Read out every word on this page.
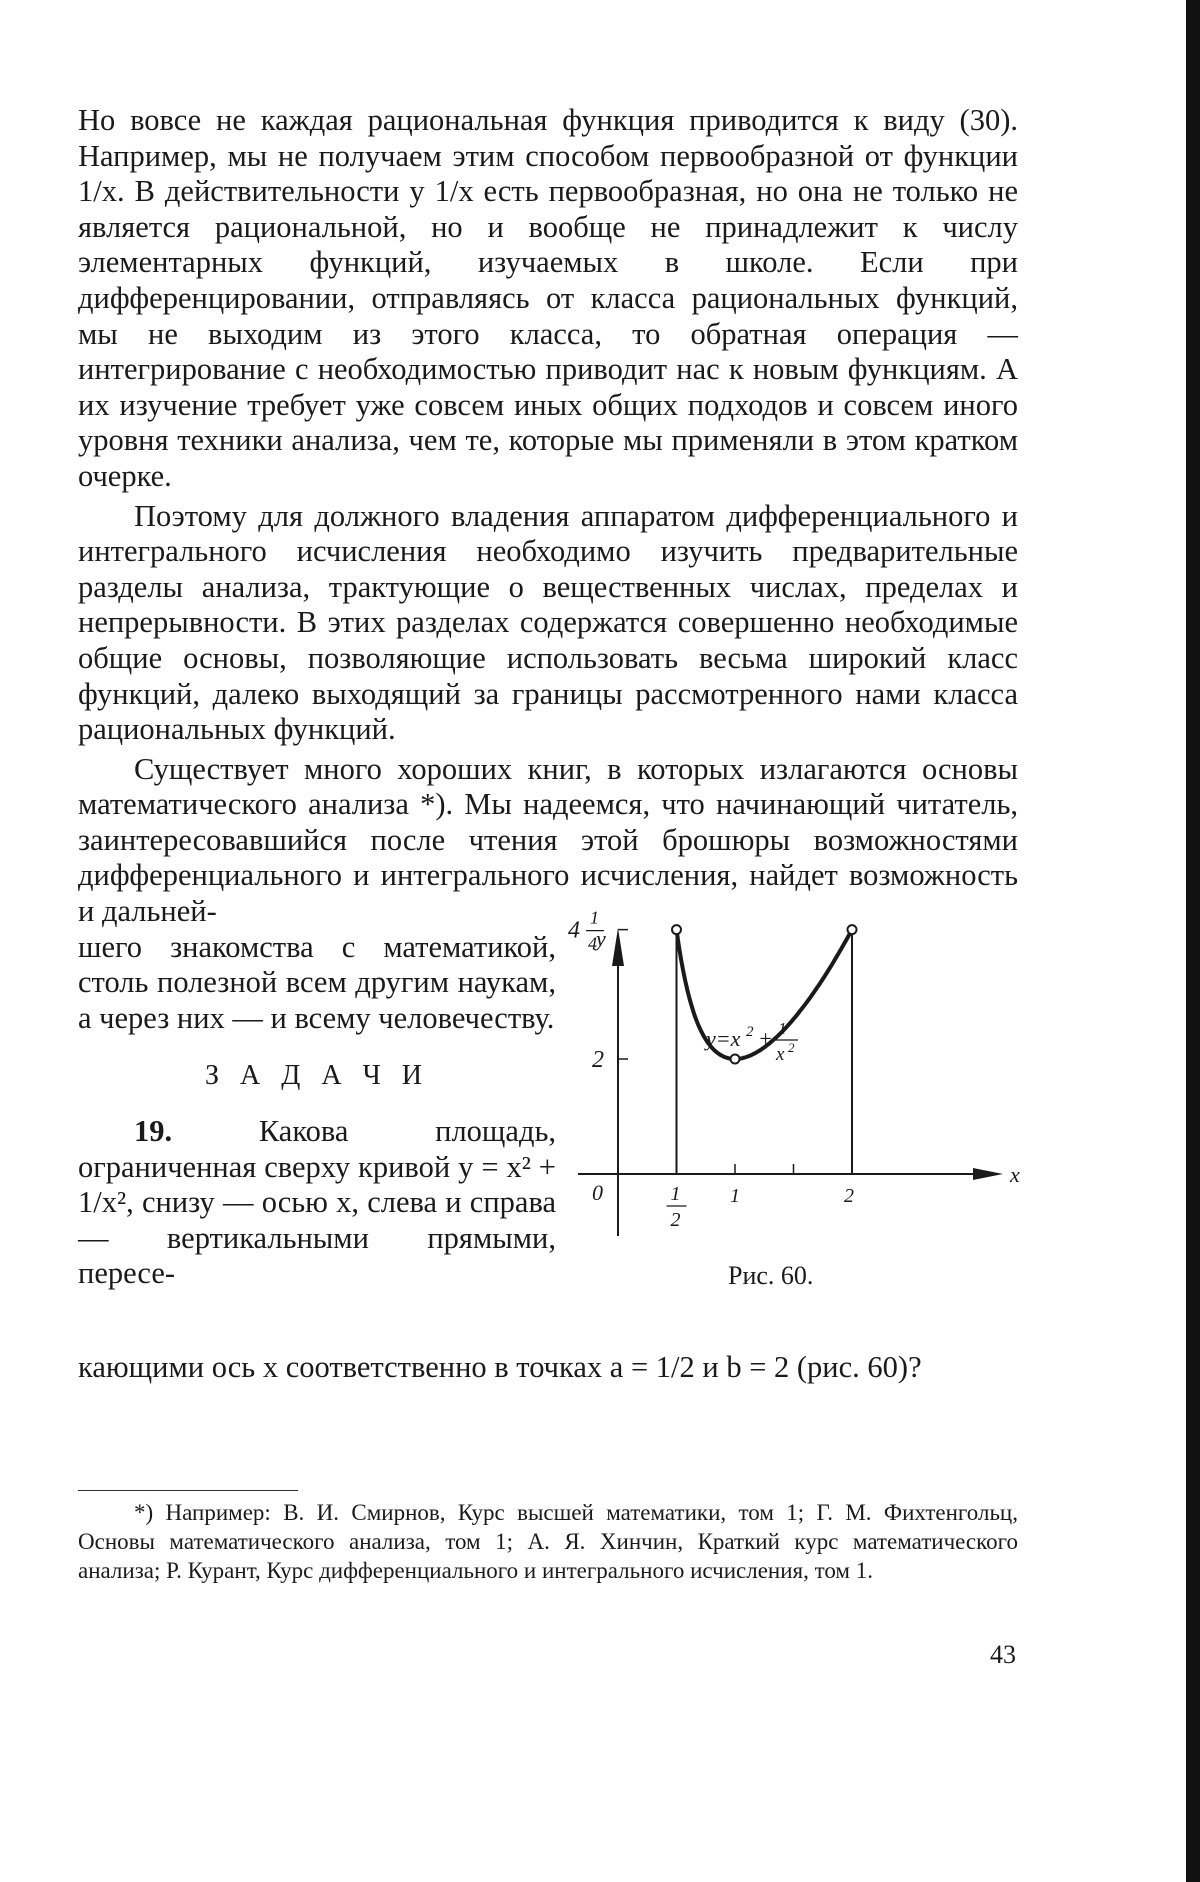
Но вовсе не каждая рациональная функция приводится к виду (30). Например, мы не получаем этим способом первообразной от функции 1/x. В действительности у 1/x есть первообразная, но она не только не является рациональной, но и вообще не принадлежит к числу элементарных функций, изучаемых в школе. Если при дифференцировании, отправляясь от класса рациональных функций, мы не выходим из этого класса, то обратная операция — интегрирование с необходимостью приводит нас к новым функциям. А их изучение требует уже совсем иных общих подходов и совсем иного уровня техники анализа, чем те, которые мы применяли в этом кратком очерке.

Поэтому для должного владения аппаратом дифференциального и интегрального исчисления необходимо изучить предварительные разделы анализа, трактующие о вещественных числах, пределах и непрерывности. В этих разделах содержатся совершенно необходимые общие основы, позволяющие использовать весьма широкий класс функций, далеко выходящий за границы рассмотренного нами класса рациональных функций.

Существует много хороших книг, в которых излагаются основы математического анализа *). Мы надеемся, что начинающий читатель, заинтересовавшийся после чтения этой брошюры возможностями дифференциального и интегрального исчисления, найдет возможность и дальней-

шего знакомства с математикой, столь полезной всем другим наукам, а через них — и всему человечеству.

З А Д А Ч И

19.	Какова площадь, ограниченная сверху кривой y = x² + 1/x², снизу — осью x, слева и справа — вертикальными прямыми, пересе-

y
x
0
4 1
4
2
1
2
1	2
y=x 2 + 1
x 2
Рис. 60.

кающими ось x соответственно в точках a = 1/2 и b = 2 (рис. 60)?

*) Например: В. И. Смирнов, Курс высшей математики, том 1; Г. М. Фихтенгольц, Основы математического анализа, том 1; А. Я. Хинчин, Краткий курс математического анализа; Р. Курант, Курс дифференциального и интегрального исчисления, том 1.
43
